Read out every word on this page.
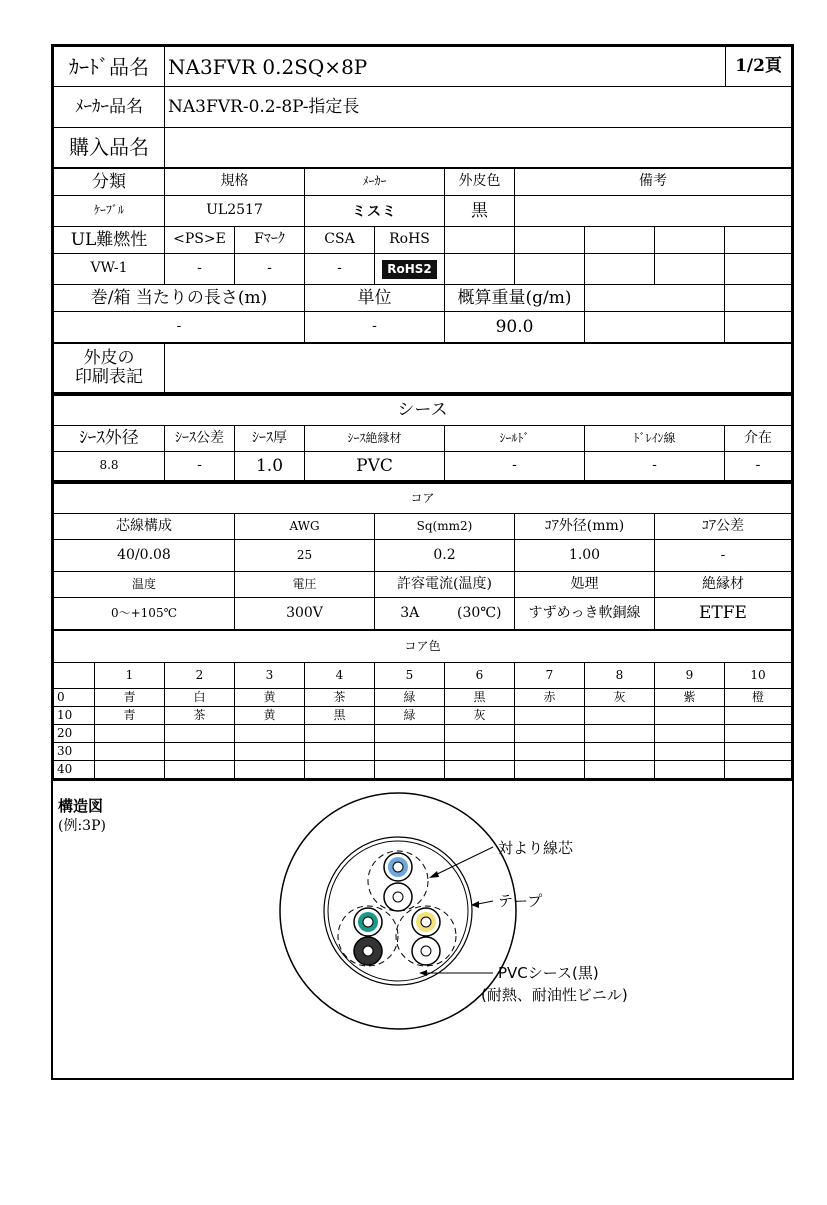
ｶｰﾄﾞ品名	NA3FVR 0.2SQ×8P	1/2頁
ﾒｰｶｰ品名	NA3FVR-0.2-8P-指定長	
購入品名		
分類	規格		ﾒｰｶｰ		外皮色	備考			
ｹｰﾌﾞﾙ	UL2517		ミスミ		黒				
UL難燃性	<PS>E	Fﾏｰｸ	CSA	RoHS					
VW-1	-	-	-	RoHS2					
巻/箱 当たりの長さ(m)			単位		概算重量(g/m)				
-			-		90.0				
外皮の
印刷表記

シース						
ｼｰｽ外径	ｼｰｽ公差	ｼｰｽ厚	ｼｰｽ絶縁材	ｼｰﾙﾄﾞ	ﾄﾞﾚｲﾝ線	介在
8.8	-	1.0	PVC	-	-	-
コア					
芯線構成	AWG	Sq(mm2)		ｺｱ外径(mm)	ｺｱ公差
40/0.08	25	0.2		1.00	-
温度	電圧	許容電流(温度)		処理	絶縁材
0～+105℃	300V	3A	(30℃)	すずめっき軟銅線	ETFE
コア色										
	1	2	3	4	5	6	7	8	9	10
0	青	白	黄	茶	緑	黒	赤	灰	紫	橙
10	青	茶	黄	黒	緑	灰				
20										
30										
40										
構造図
(例:3P)
対より線芯
テープ
PVCシース(黒)
(耐熱、耐油性ビニル)
